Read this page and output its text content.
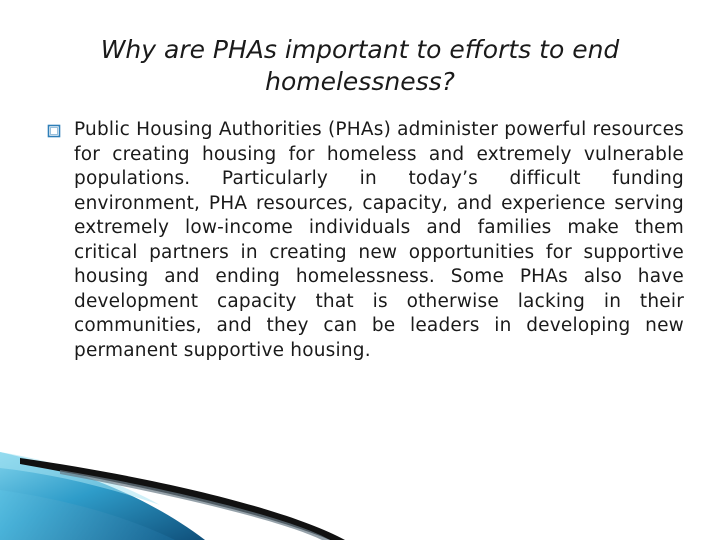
Why are PHAs important to efforts to end
homelessness?

Public Housing Authorities (PHAs) administer powerful resources for creating housing for homeless and extremely vulnerable populations. Particularly in today’s difficult funding environment, PHA resources, capacity, and experience serving extremely low-income individuals and families make them critical partners in creating new opportunities for supportive housing and ending homelessness. Some PHAs also have development capacity that is otherwise lacking in their communities, and they can be leaders in developing new permanent supportive housing.
